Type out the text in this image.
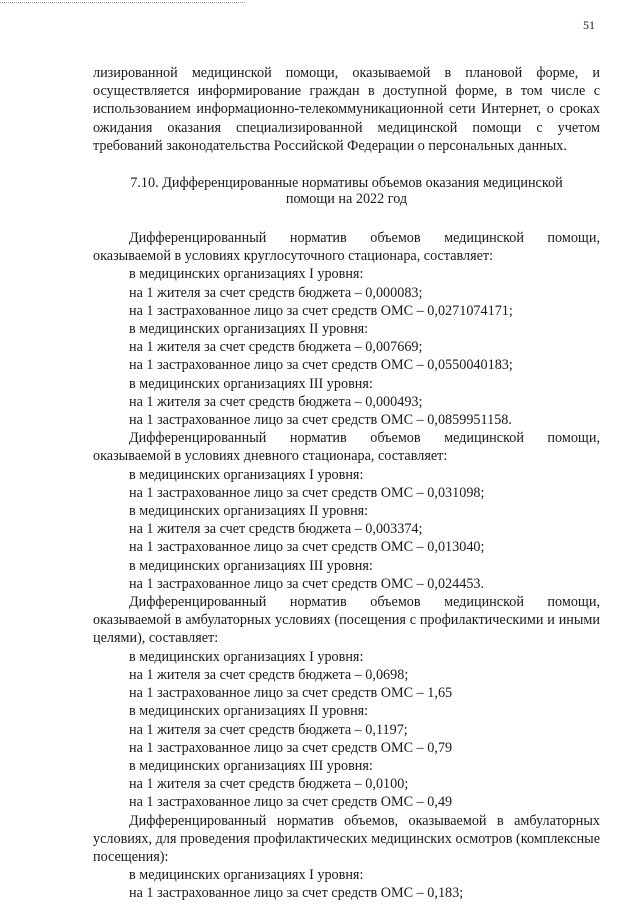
51

лизированной медицинской помощи, оказываемой в плановой форме, и осуществляется информирование граждан в доступной форме, в том числе с использованием информационно-телекоммуникационной сети Интернет, о сроках ожидания оказания специализированной медицинской помощи с учетом требований законодательства Российской Федерации о персональных данных.

7.10. Дифференцированные нормативы объемов оказания медицинской
помощи на 2022 год

Дифференцированный норматив объемов медицинской помощи, оказываемой в условиях круглосуточного стационара, составляет:

в медицинских организациях I уровня:

на 1 жителя за счет средств бюджета – 0,000083;

на 1 застрахованное лицо за счет средств ОМС – 0,0271074171;

в медицинских организациях II уровня:

на 1 жителя за счет средств бюджета – 0,007669;

на 1 застрахованное лицо за счет средств ОМС – 0,0550040183;

в медицинских организациях III уровня:

на 1 жителя за счет средств бюджета – 0,000493;

на 1 застрахованное лицо за счет средств ОМС – 0,0859951158.

Дифференцированный норматив объемов медицинской помощи, оказываемой в условиях дневного стационара, составляет:

в медицинских организациях I уровня:

на 1 застрахованное лицо за счет средств ОМС – 0,031098;

в медицинских организациях II уровня:

на 1 жителя за счет средств бюджета – 0,003374;

на 1 застрахованное лицо за счет средств ОМС – 0,013040;

в медицинских организациях III уровня:

на 1 застрахованное лицо за счет средств ОМС – 0,024453.

Дифференцированный норматив объемов медицинской помощи, оказываемой в амбулаторных условиях (посещения с профилактическими и иными целями), составляет:

в медицинских организациях I уровня:

на 1 жителя за счет средств бюджета – 0,0698;

на 1 застрахованное лицо за счет средств ОМС – 1,65

в медицинских организациях II уровня:

на 1 жителя за счет средств бюджета – 0,1197;

на 1 застрахованное лицо за счет средств ОМС – 0,79

в медицинских организациях III уровня:

на 1 жителя за счет средств бюджета – 0,0100;

на 1 застрахованное лицо за счет средств ОМС – 0,49

Дифференцированный норматив объемов, оказываемой в амбулаторных условиях, для проведения профилактических медицинских осмотров (комплексные посещения):

в медицинских организациях I уровня:

на 1 застрахованное лицо за счет средств ОМС – 0,183;
